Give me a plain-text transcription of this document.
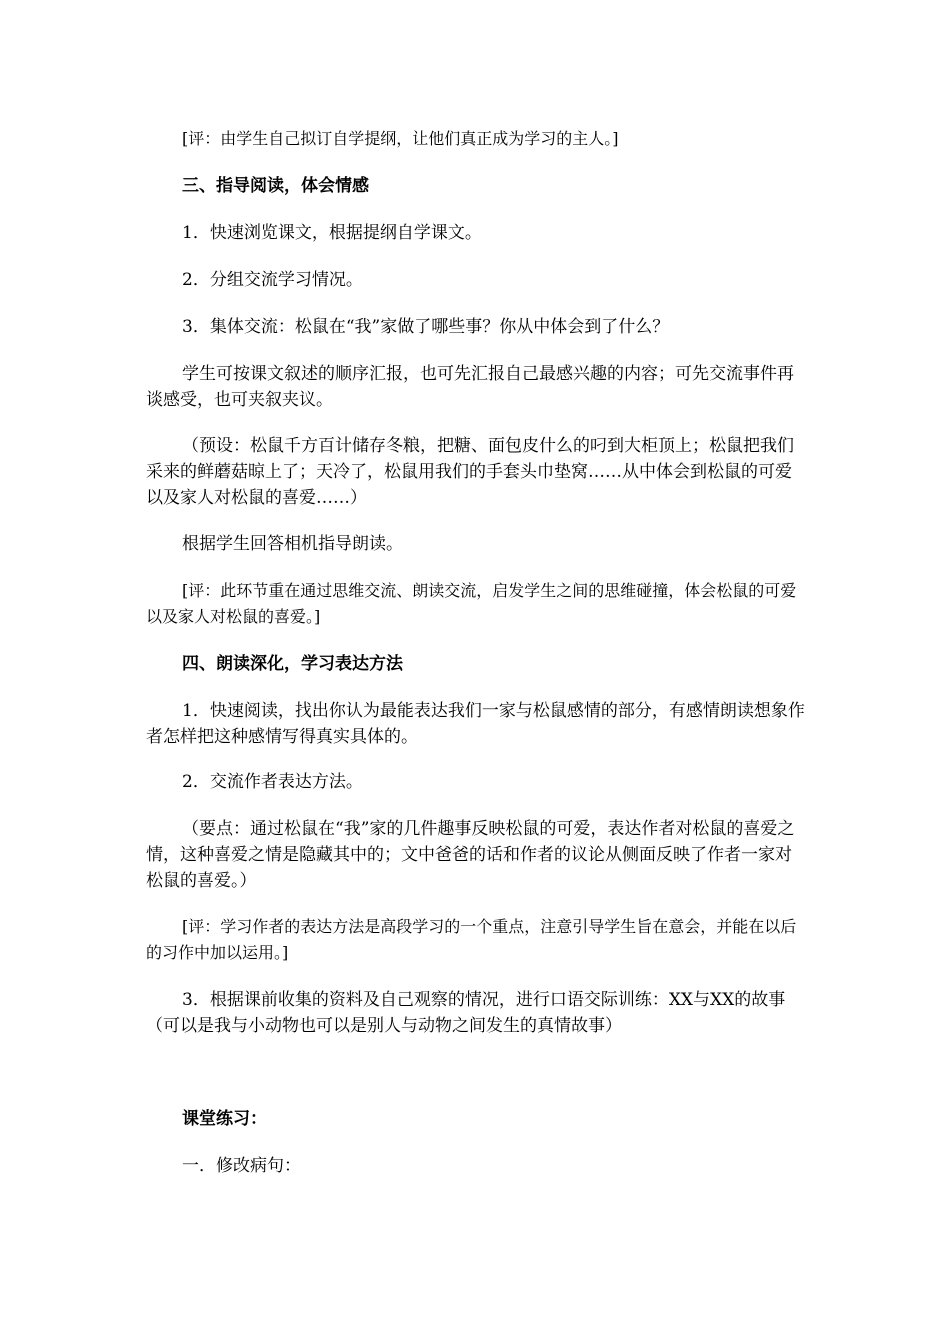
[评：由学生自己拟订自学提纲，让他们真正成为学习的主人。]

三、指导阅读，体会情感

1．快速浏览课文，根据提纲自学课文。

2．分组交流学习情况。

3．集体交流：松鼠在“我”家做了哪些事？你从中体会到了什么？

学生可按课文叙述的顺序汇报，也可先汇报自己最感兴趣的内容；可先交流事件再谈感受，也可夹叙夹议。

（预设：松鼠千方百计储存冬粮，把糖、面包皮什么的叼到大柜顶上；松鼠把我们采来的鲜蘑菇晾上了；天冷了，松鼠用我们的手套头巾垫窝……从中体会到松鼠的可爱以及家人对松鼠的喜爱……）

根据学生回答相机指导朗读。

[评：此环节重在通过思维交流、朗读交流，启发学生之间的思维碰撞，体会松鼠的可爱以及家人对松鼠的喜爱。]

四、朗读深化，学习表达方法

1．快速阅读，找出你认为最能表达我们一家与松鼠感情的部分，有感情朗读想象作者怎样把这种感情写得真实具体的。

2．交流作者表达方法。

（要点：通过松鼠在“我”家的几件趣事反映松鼠的可爱，表达作者对松鼠的喜爱之情，这种喜爱之情是隐藏其中的；文中爸爸的话和作者的议论从侧面反映了作者一家对松鼠的喜爱。）

[评：学习作者的表达方法是高段学习的一个重点，注意引导学生旨在意会，并能在以后的习作中加以运用。]

3．根据课前收集的资料及自己观察的情况，进行口语交际训练：XX与XX的故事（可以是我与小动物也可以是别人与动物之间发生的真情故事）

课堂练习：

一．修改病句：
